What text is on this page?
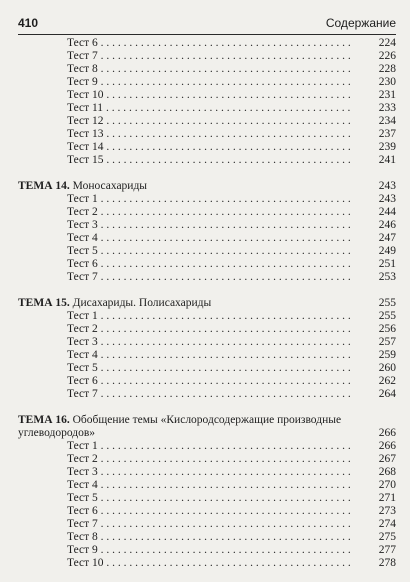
410	Содержание
Тест 6 . . .	224
Тест 7 . . .	226
Тест 8 . . .	228
Тест 9 . . .	230
Тест 10 . . .	231
Тест 11 . . .	233
Тест 12 . . .	234
Тест 13 . . .	237
Тест 14 . . .	239
Тест 15 . . .	241
ТЕМА 14. Моносахариды	243
Тест 1 . . .	243
Тест 2 . . .	244
Тест 3 . . .	246
Тест 4 . . .	247
Тест 5 . . .	249
Тест 6 . . .	251
Тест 7 . . .	253
ТЕМА 15. Дисахариды. Полисахариды	255
Тест 1 . . .	255
Тест 2 . . .	256
Тест 3 . . .	257
Тест 4 . . .	259
Тест 5 . . .	260
Тест 6 . . .	262
Тест 7 . . .	264
ТЕМА 16. Обобщение темы «Кислородсодержащие производные
углеводородов»	266
Тест 1 . . .	266
Тест 2 . . .	267
Тест 3 . . .	268
Тест 4 . . .	270
Тест 5 . . .	271
Тест 6 . . .	273
Тест 7 . . .	274
Тест 8 . . .	275
Тест 9 . . .	277
Тест 10 . . .	278
